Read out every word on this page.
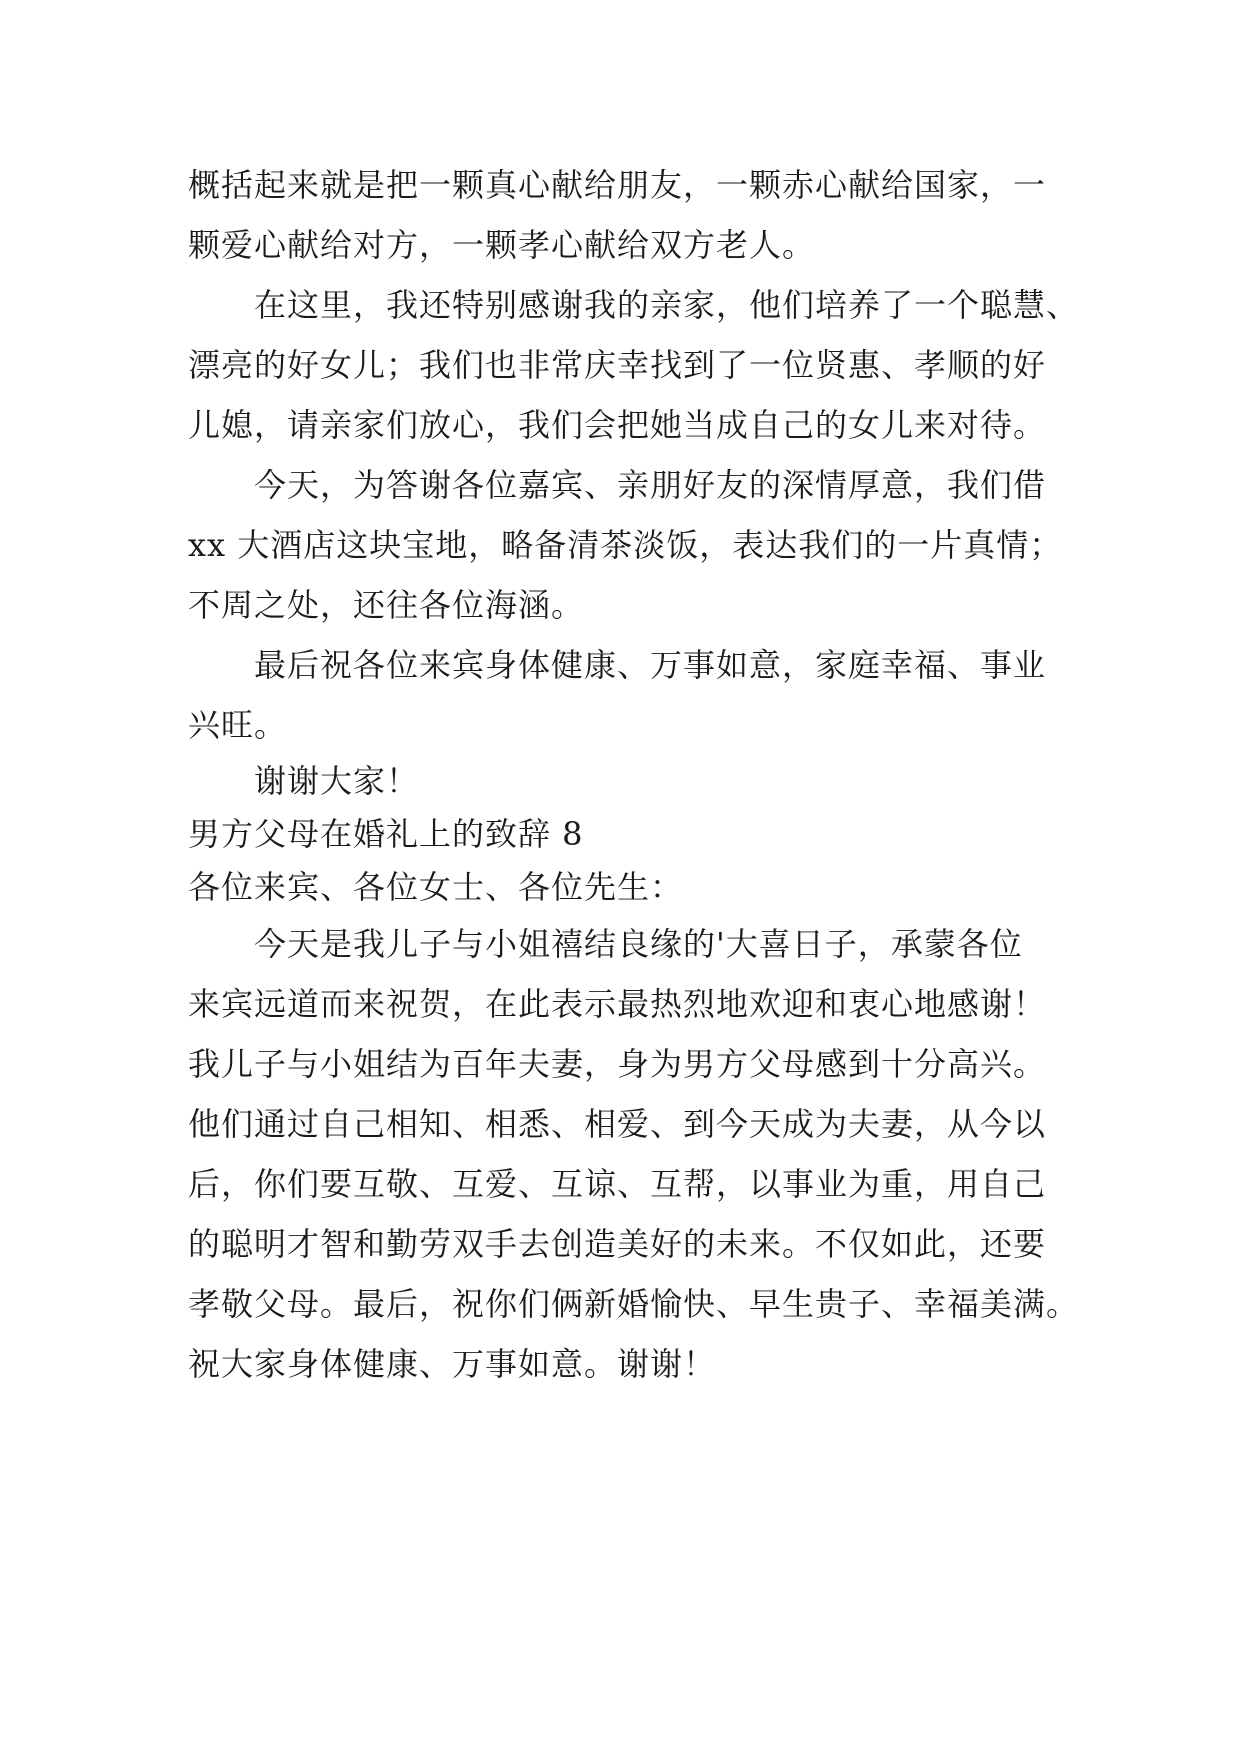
概括起来就是把一颗真心献给朋友，一颗赤心献给国家，一
颗爱心献给对方，一颗孝心献给双方老人。
在这里，我还特别感谢我的亲家，他们培养了一个聪慧、
漂亮的好女儿；我们也非常庆幸找到了一位贤惠、孝顺的好
儿媳，请亲家们放心，我们会把她当成自己的女儿来对待。
今天，为答谢各位嘉宾、亲朋好友的深情厚意，我们借
xx 大酒店这块宝地，略备清茶淡饭，表达我们的一片真情；
不周之处，还往各位海涵。
最后祝各位来宾身体健康、万事如意，家庭幸福、事业
兴旺。
谢谢大家！
男方父母在婚礼上的致辞 8
各位来宾、各位女士、各位先生：
今天是我儿子与小姐禧结良缘的'大喜日子，承蒙各位
来宾远道而来祝贺，在此表示最热烈地欢迎和衷心地感谢！
我儿子与小姐结为百年夫妻，身为男方父母感到十分高兴。
他们通过自己相知、相悉、相爱、到今天成为夫妻，从今以
后，你们要互敬、互爱、互谅、互帮，以事业为重，用自己
的聪明才智和勤劳双手去创造美好的未来。不仅如此，还要
孝敬父母。最后，祝你们俩新婚愉快、早生贵子、幸福美满。
祝大家身体健康、万事如意。谢谢！
